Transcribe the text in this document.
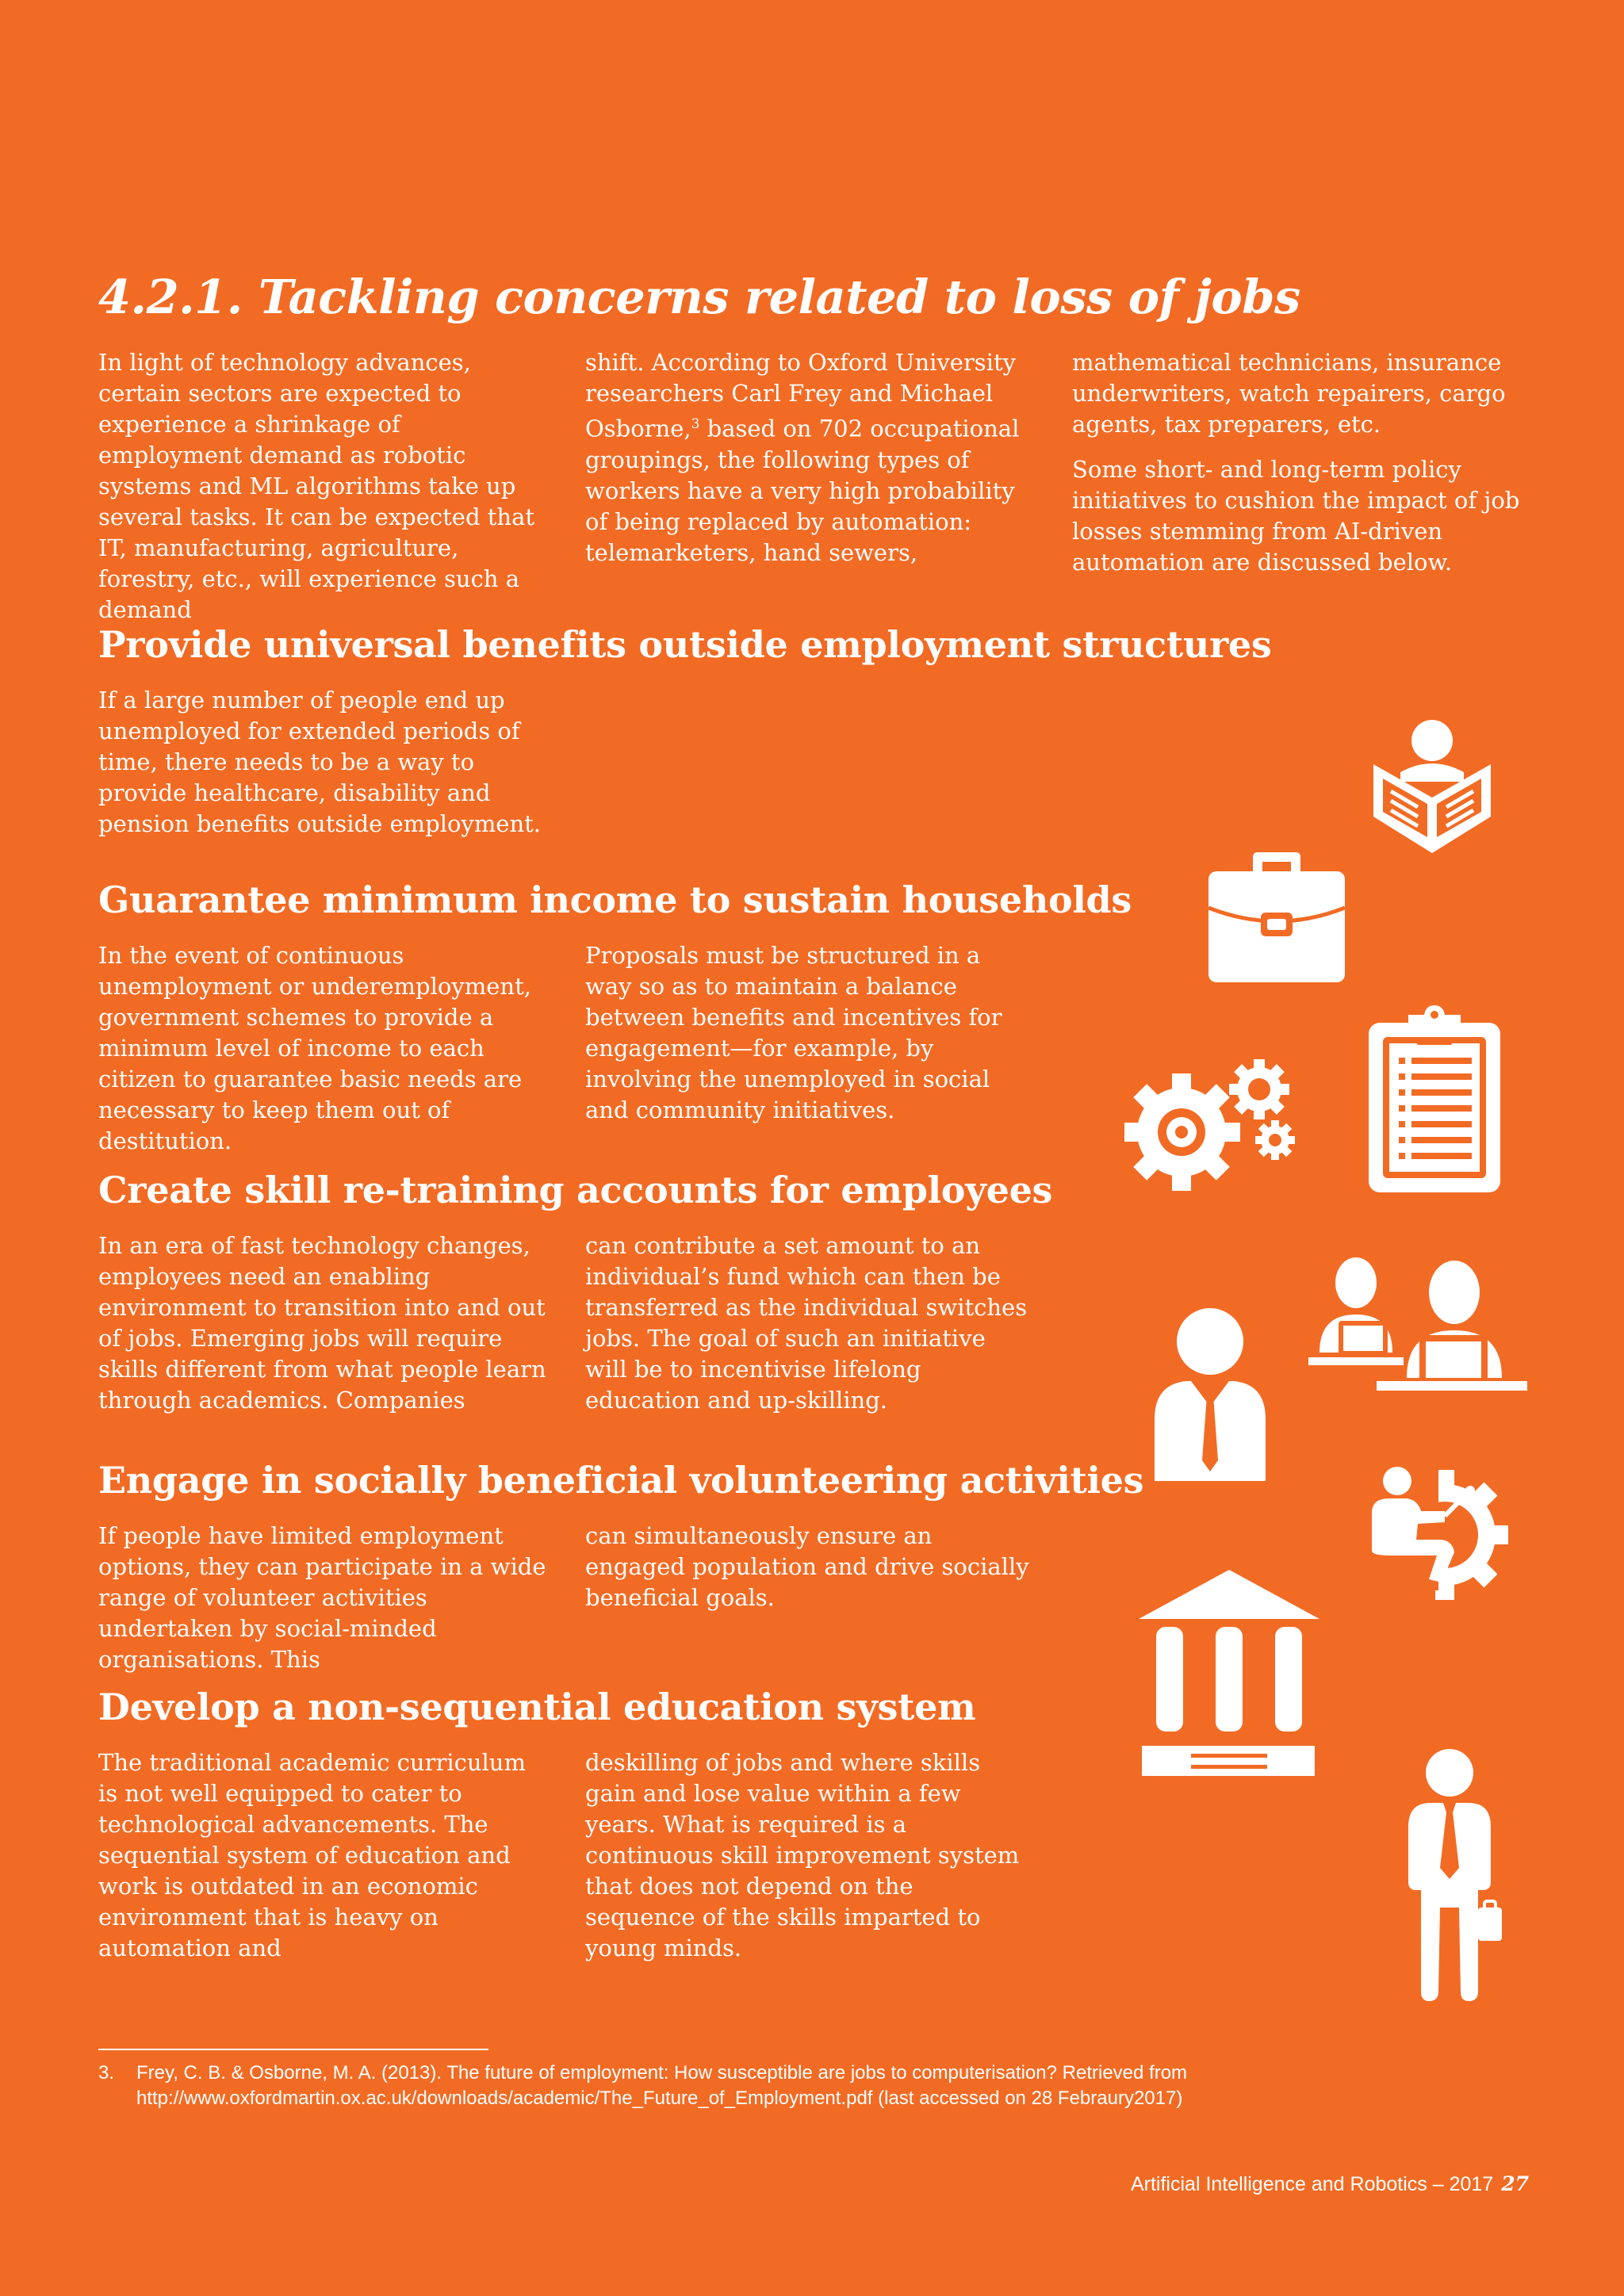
4.2.1. Tackling concerns related to loss of jobs

In light of technology advances, certain sectors are expected to experience a shrinkage of employment demand as robotic systems and ML algorithms take up several tasks. It can be expected that IT, manufacturing, agriculture, forestry, etc., will experience such a demand

shift. According to Oxford University researchers Carl Frey and Michael Osborne,$^3$ based on 702 occupational groupings, the following types of workers have a very high probability of being replaced by automation: telemarketers, hand sewers,

mathematical technicians, insurance underwriters, watch repairers, cargo agents, tax preparers, etc.

Some short- and long-term policy initiatives to cushion the impact of job losses stemming from AI-driven automation are discussed below.

Provide universal benefits outside employment structures

If a large number of people end up unemployed for extended periods of time, there needs to be a way to provide healthcare, disability and pension benefits outside employment.

Guarantee minimum income to sustain households

In the event of continuous unemployment or underemployment, government schemes to provide a minimum level of income to each citizen to guarantee basic needs are necessary to keep them out of destitution.

Proposals must be structured in a way so as to maintain a balance between benefits and incentives for engagement—for example, by involving the unemployed in social and community initiatives.

Create skill re-training accounts for employees

In an era of fast technology changes, employees need an enabling environment to transition into and out of jobs. Emerging jobs will require skills different from what people learn through academics. Companies

can contribute a set amount to an individual’s fund which can then be transferred as the individual switches jobs. The goal of such an initiative will be to incentivise lifelong education and up-skilling.

Engage in socially beneficial volunteering activities

If people have limited employment options, they can participate in a wide range of volunteer activities undertaken by social-minded organisations. This

can simultaneously ensure an engaged population and drive socially beneficial goals.

Develop a non-sequential education system

The traditional academic curriculum is not well equipped to cater to technological advancements. The sequential system of education and work is outdated in an economic environment that is heavy on automation and

deskilling of jobs and where skills gain and lose value within a few years. What is required is a continuous skill improvement system that does not depend on the sequence of the skills imparted to young minds.

3. Frey, C. B. & Osborne, M. A. (2013). The future of employment: How susceptible are jobs to computerisation? Retrieved from
http://www.oxfordmartin.ox.ac.uk/downloads/academic/The_Future_of_Employment.pdf (last accessed on 28 Febraury2017)
Artificial Intelligence and Robotics – 2017 27
